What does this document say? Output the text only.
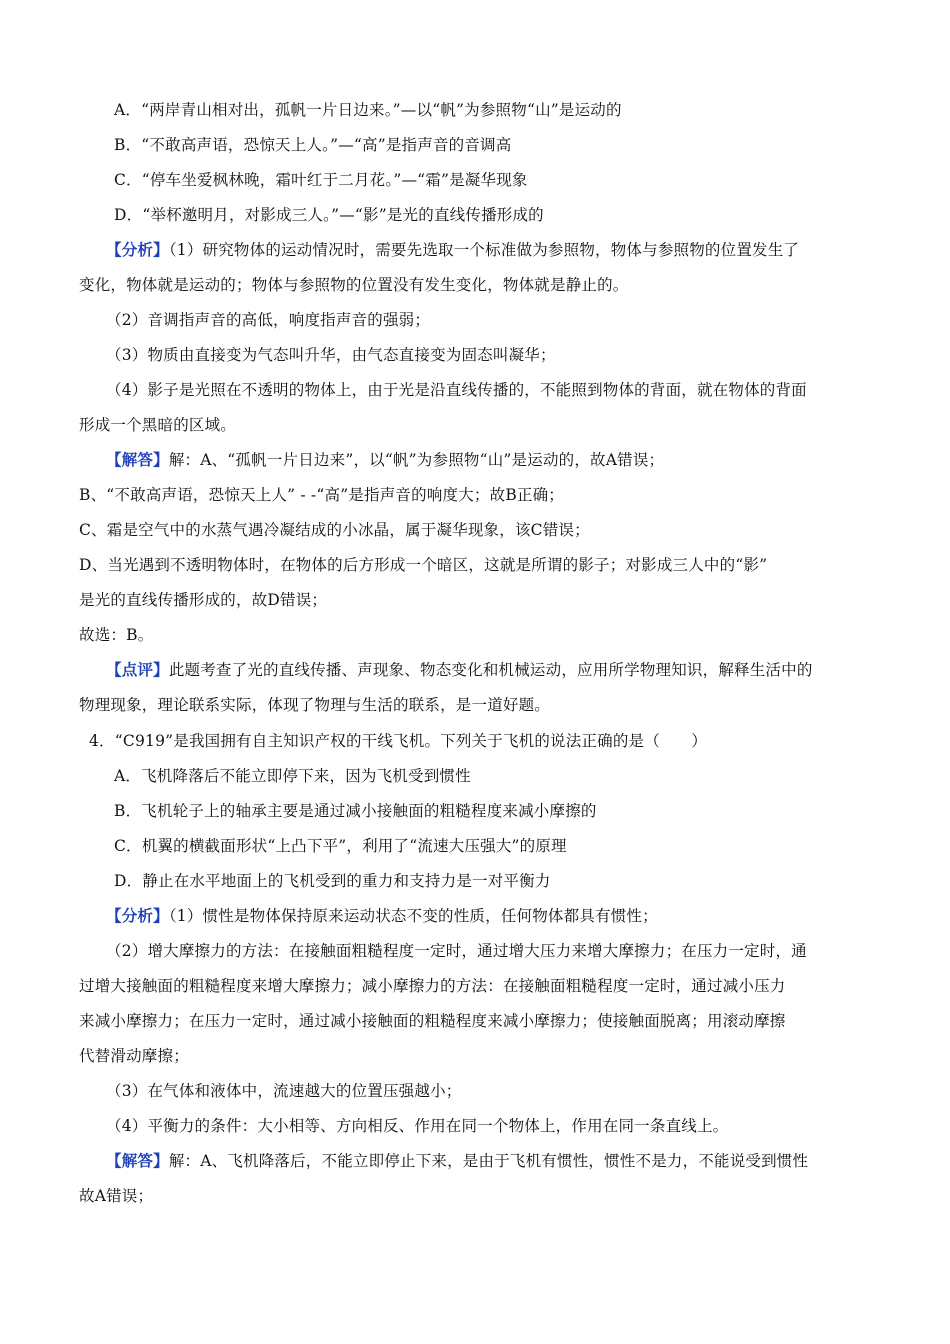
A．“两岸青山相对出，孤帆一片日边来。”—以“帆”为参照物“山”是运动的
B．“不敢高声语，恐惊天上人。”—“高”是指声音的音调高
C．“停车坐爱枫林晚，霜叶红于二月花。”—“霜”是凝华现象
D．“举杯邀明月，对影成三人。”—“影”是光的直线传播形成的
【分析】（1）研究物体的运动情况时，需要先选取一个标准做为参照物，物体与参照物的位置发生了
变化，物体就是运动的；物体与参照物的位置没有发生变化，物体就是静止的。
（2）音调指声音的高低，响度指声音的强弱；
（3）物质由直接变为气态叫升华，由气态直接变为固态叫凝华；
（4）影子是光照在不透明的物体上，由于光是沿直线传播的，不能照到物体的背面，就在物体的背面
形成一个黑暗的区域。
【解答】解：A、“孤帆一片日边来”，以“帆”为参照物“山”是运动的，故A错误；
B、“不敢高声语，恐惊天上人” - -“高”是指声音的响度大；故B正确；
C、霜是空气中的水蒸气遇冷凝结成的小冰晶，属于凝华现象，该C错误；
D、当光遇到不透明物体时，在物体的后方形成一个暗区，这就是所谓的影子；对影成三人中的“影”
是光的直线传播形成的，故D错误；
故选：B。
【点评】此题考查了光的直线传播、声现象、物态变化和机械运动，应用所学物理知识，解释生活中的
物理现象，理论联系实际，体现了物理与生活的联系，是一道好题。
4．“C919”是我国拥有自主知识产权的干线飞机。下列关于飞机的说法正确的是（　　）
A．飞机降落后不能立即停下来，因为飞机受到惯性
B．飞机轮子上的轴承主要是通过减小接触面的粗糙程度来减小摩擦的
C．机翼的横截面形状“上凸下平”，利用了“流速大压强大”的原理
D．静止在水平地面上的飞机受到的重力和支持力是一对平衡力
【分析】（1）惯性是物体保持原来运动状态不变的性质，任何物体都具有惯性；
（2）增大摩擦力的方法：在接触面粗糙程度一定时，通过增大压力来增大摩擦力；在压力一定时，通
过增大接触面的粗糙程度来增大摩擦力；减小摩擦力的方法：在接触面粗糙程度一定时，通过减小压力
来减小摩擦力；在压力一定时，通过减小接触面的粗糙程度来减小摩擦力；使接触面脱离；用滚动摩擦
代替滑动摩擦；
（3）在气体和液体中，流速越大的位置压强越小；
（4）平衡力的条件：大小相等、方向相反、作用在同一个物体上，作用在同一条直线上。
【解答】解：A、飞机降落后，不能立即停止下来，是由于飞机有惯性，惯性不是力，不能说受到惯性
故A错误；
